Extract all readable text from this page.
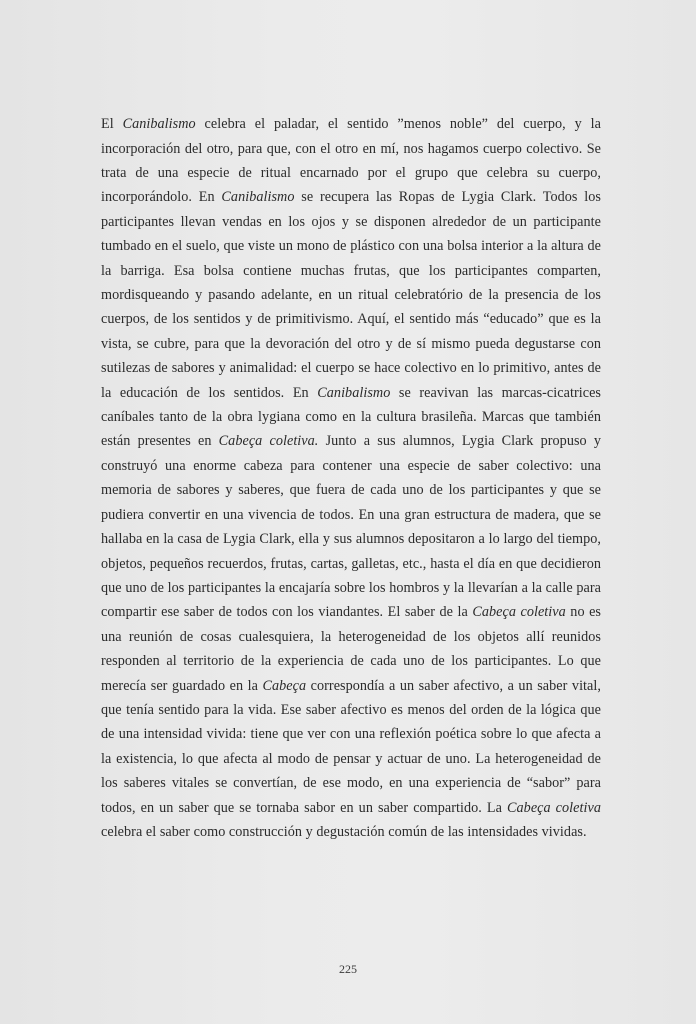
El Canibalismo celebra el paladar, el sentido ”menos noble” del cuerpo, y la incorporación del otro, para que, con el otro en mí, nos hagamos cuerpo colectivo. Se trata de una especie de ritual encarnado por el grupo que celebra su cuerpo, incorporándolo. En Canibalismo se recupera las Ropas de Lygia Clark. Todos los participantes llevan vendas en los ojos y se disponen alrededor de un participante tumbado en el suelo, que viste un mono de plástico con una bolsa interior a la altura de la barriga. Esa bolsa contiene muchas frutas, que los participantes comparten, mordisqueando y pasando adelante, en un ritual celebratório de la presencia de los cuerpos, de los sentidos y de primitivismo. Aquí, el sentido más “educado” que es la vista, se cubre, para que la devoración del otro y de sí mismo pueda degustarse con sutilezas de sabores y animalidad: el cuerpo se hace colectivo en lo primitivo, antes de la educación de los sentidos. En Canibalismo se reavivan las marcas-cicatrices caníbales tanto de la obra lygiana como en la cultura brasileña. Marcas que también están presentes en Cabeça coletiva. Junto a sus alumnos, Lygia Clark propuso y construyó una enorme cabeza para contener una especie de saber colectivo: una memoria de sabores y saberes, que fuera de cada uno de los participantes y que se pudiera convertir en una vivencia de todos. En una gran estructura de madera, que se hallaba en la casa de Lygia Clark, ella y sus alumnos depositaron a lo largo del tiempo, objetos, pequeños recuerdos, frutas, cartas, galletas, etc., hasta el día en que decidieron que uno de los participantes la encajaría sobre los hombros y la llevarían a la calle para compartir ese saber de todos con los viandantes. El saber de la Cabeça coletiva no es una reunión de cosas cualesquiera, la heterogeneidad de los objetos allí reunidos responden al territorio de la experiencia de cada uno de los participantes. Lo que merecía ser guardado en la Cabeça correspondía a un saber afectivo, a un saber vital, que tenía sentido para la vida. Ese saber afectivo es menos del orden de la lógica que de una intensidad vivida: tiene que ver con una reflexión poética sobre lo que afecta a la existencia, lo que afecta al modo de pensar y actuar de uno. La heterogeneidad de los saberes vitales se convertían, de ese modo, en una experiencia de “sabor” para todos, en un saber que se tornaba sabor en un saber compartido. La Cabeça coletiva celebra el saber como construcción y degustación común de las intensidades vividas.

225
